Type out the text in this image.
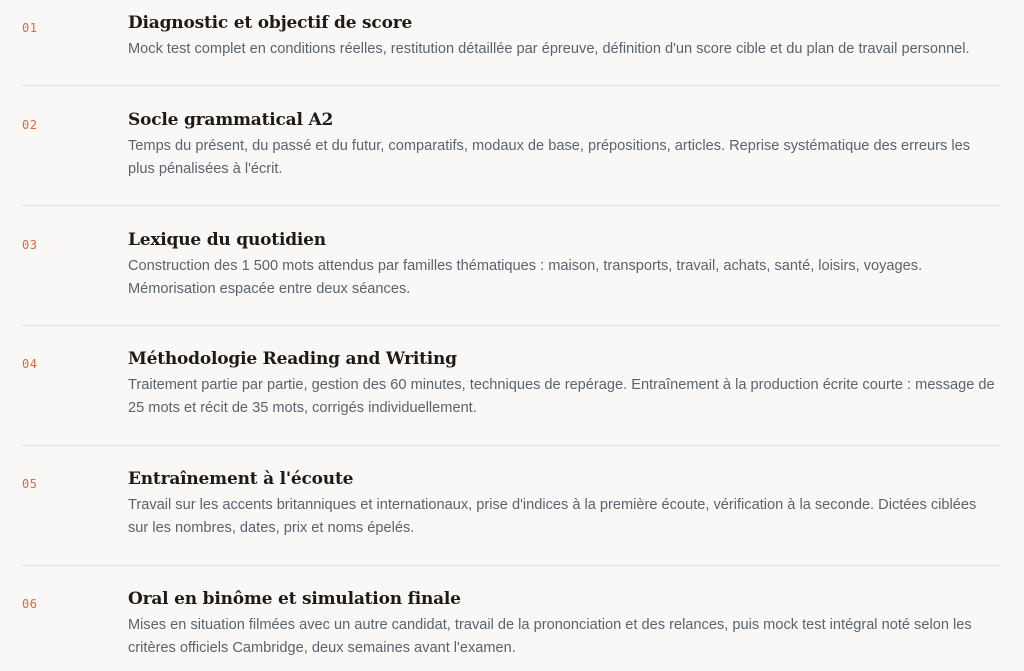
01	Diagnostic et objectif de score
Mock test complet en conditions réelles, restitution détaillée par épreuve, définition d'un score cible et du plan de travail personnel.
02	Socle grammatical A2
Temps du présent, du passé et du futur, comparatifs, modaux de base, prépositions, articles. Reprise systématique des erreurs les plus pénalisées à l'écrit.
03	Lexique du quotidien
Construction des 1 500 mots attendus par familles thématiques : maison, transports, travail, achats, santé, loisirs, voyages. Mémorisation espacée entre deux séances.
04	Méthodologie Reading and Writing
Traitement partie par partie, gestion des 60 minutes, techniques de repérage. Entraînement à la production écrite courte : message de 25 mots et récit de 35 mots, corrigés individuellement.
05	Entraînement à l'écoute
Travail sur les accents britanniques et internationaux, prise d'indices à la première écoute, vérification à la seconde. Dictées ciblées sur les nombres, dates, prix et noms épelés.
06	Oral en binôme et simulation finale
Mises en situation filmées avec un autre candidat, travail de la prononciation et des relances, puis mock test intégral noté selon les critères officiels Cambridge, deux semaines avant l'examen.
